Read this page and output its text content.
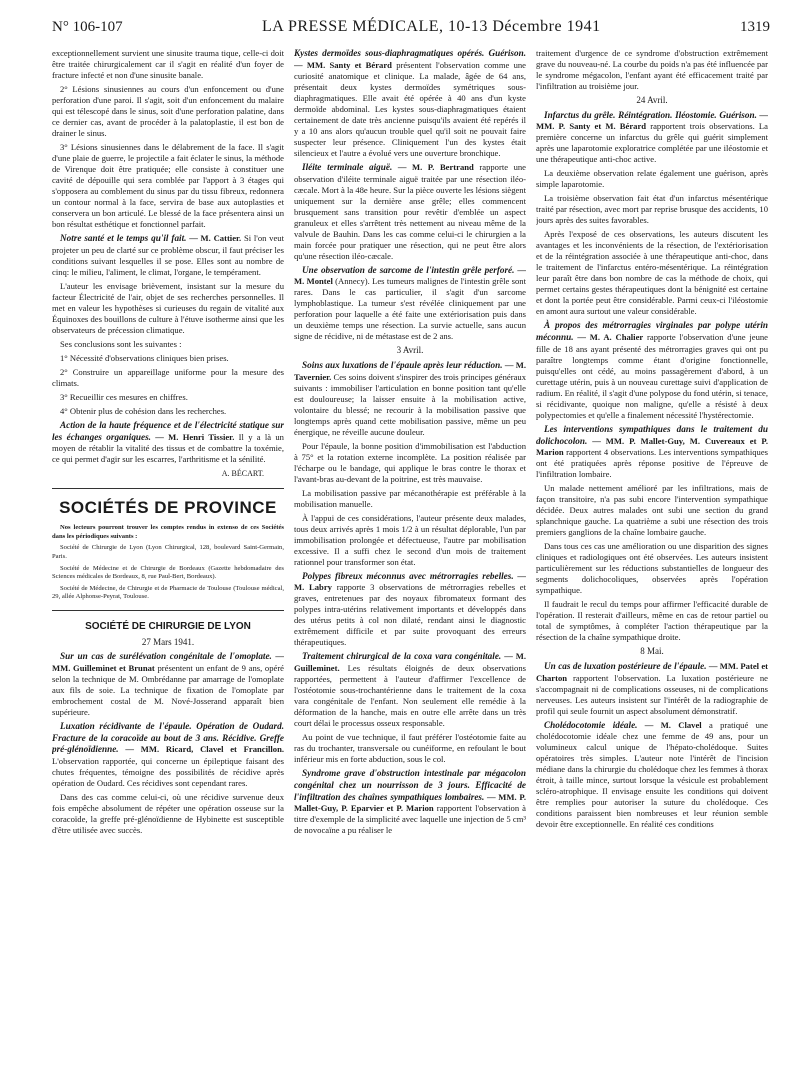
N° 106-107	LA PRESSE MÉDICALE, 10-13 Décembre 1941	1319

exceptionnellement survient une sinusite trauma tique, celle-ci doit être traitée chirurgicalement car il s'agit en réalité d'un foyer de fracture infecté et non d'une sinusite banale.

2° Lésions sinusiennes au cours d'un enfoncement ou d'une perforation d'une paroi. Il s'agit, soit d'un enfoncement du malaire qui est télescopé dans le sinus, soit d'une perforation palatine, dans ce dernier cas, avant de procéder à la palatoplastie, il est bon de drainer le sinus.

3° Lésions sinusiennes dans le délabrement de la face. Il s'agit d'une plaie de guerre, le projectile a fait éclater le sinus, la méthode de Virenque doit être pratiquée; elle consiste à constituer une cavité de dépouille qui sera comblée par l'apport à 3 étages qui s'opposera au comblement du sinus par du tissu fibreux, redonnera un contour normal à la face, servira de base aux autoplasties et conservera un bon articulé. Le blessé de la face présentera ainsi un bon résultat esthétique et fonctionnel parfait.

Notre santé et le temps qu'il fait. — M. Cattier. Si l'on veut projeter un peu de clarté sur ce problème obscur, il faut préciser les conditions suivant lesquelles il se pose. Elles sont au nombre de cinq: le milieu, l'aliment, le climat, l'organe, le tempérament.

L'auteur les envisage brièvement, insistant sur la mesure du facteur Électricité de l'air, objet de ses recherches personnelles. Il met en valeur les hypothèses si curieuses du regain de vitalité aux Équinoxes des bouillons de culture à l'étuve isotherme ainsi que les observateurs de précession climatique.

Ses conclusions sont les suivantes :

1° Nécessité d'observations cliniques bien prises.

2° Construire un appareillage uniforme pour la mesure des climats.

3° Recueillir ces mesures en chiffres.

4° Obtenir plus de cohésion dans les recherches.

Action de la haute fréquence et de l'électricité statique sur les échanges organiques. — M. Henri Tissier. Il y a là un moyen de rétablir la vitalité des tissus et de combattre la toxémie, ce qui permet d'agir sur les escarres, l'arthritisme et la sénilité.

A. BÉCART.

SOCIÉTÉS DE PROVINCE

Nos lecteurs pourront trouver les comptes rendus in extenso de ces Sociétés dans les périodiques suivants :

Société de Chirurgie de Lyon (Lyon Chirurgical, 128, boulevard Saint-Germain, Paris.

Société de Médecine et de Chirurgie de Bordeaux (Gazette hebdomadaire des Sciences médicales de Bordeaux, 8, rue Paul-Bert, Bordeaux).

Société de Médecine, de Chirurgie et de Pharmacie de Toulouse (Toulouse médical, 29, allée Alphonse-Peyrat, Toulouse.

SOCIÉTÉ DE CHIRURGIE DE LYON

27 Mars 1941.

Sur un cas de surélévation congénitale de l'omoplate. — MM. Guilleminet et Brunat présentent un enfant de 9 ans, opéré selon la technique de M. Ombrédanne par amarrage de l'omoplate aux fils de soie. La technique de fixation de l'omoplate par embrochement costal de M. Nové-Josserand apparaît bien supérieure.

Luxation récidivante de l'épaule. Opération de Oudard. Fracture de la coracoïde au bout de 3 ans. Récidive. Greffe pré-glénoïdienne. — MM. Ricard, Clavel et Francillon. L'observation rapportée, qui concerne un épileptique faisant des chutes fréquentes, témoigne des possibilités de récidive après opération de Oudard. Ces récidives sont cependant rares.

Dans des cas comme celui-ci, où une récidive survenue deux fois empêche absolument de répéter une opération osseuse sur la coracoïde, la greffe pré-glénoïdienne de Hybinette est susceptible d'être utilisée avec succès.

Kystes dermoïdes sous-diaphragmatiques opérés. Guérison. — MM. Santy et Bérard présentent l'observation comme une curiosité anatomique et clinique. La malade, âgée de 64 ans, présentait deux kystes dermoïdes symétriques sous-diaphragmatiques. Elle avait été opérée à 40 ans d'un kyste dermoïde abdominal. Les kystes sous-diaphragmatiques étaient certainement de date très ancienne puisqu'ils avaient été repérés il y a 10 ans alors qu'aucun trouble quel qu'il soit ne pouvait faire suspecter leur présence. Cliniquement l'un des kystes était silencieux et l'autre a évolué vers une ouverture bronchique.

Iléite terminale aiguë. — M. P. Bertrand rapporte une observation d'iléite terminale aiguë traitée par une résection iléo-cæcale. Mort à la 48e heure. Sur la pièce ouverte les lésions siègent uniquement sur la dernière anse grêle; elles commencent brusquement sans transition pour revêtir d'emblée un aspect granuleux et elles s'arrêtent très nettement au niveau même de la valvule de Bauhin. Dans les cas comme celui-ci le chirurgien a la main forcée pour pratiquer une résection, qui ne peut être alors qu'une résection iléo-cæcale.

Une observation de sarcome de l'intestin grêle perforé. — M. Montel (Annecy). Les tumeurs malignes de l'intestin grêle sont rares. Dans le cas particulier, il s'agit d'un sarcome lymphoblastique. La tumeur s'est révélée cliniquement par une perforation pour laquelle a été faite une extériorisation puis dans un deuxième temps une résection. La survie actuelle, sans aucun signe de récidive, ni de métastase est de 2 ans.

3 Avril.

Soins aux luxations de l'épaule après leur réduction. — M. Tavernier. Ces soins doivent s'inspirer des trois principes généraux suivants : immobiliser l'articulation en bonne position tant qu'elle est douloureuse; la laisser ensuite à la mobilisation active, volontaire du blessé; ne recourir à la mobilisation passive que longtemps après quand cette mobilisation passive, même un peu énergique, ne réveille aucune douleur.

Pour l'épaule, la bonne position d'immobilisation est l'abduction à 75° et la rotation externe incomplète. La position réalisée par l'écharpe ou le bandage, qui applique le bras contre le thorax et l'avant-bras au-devant de la poitrine, est très mauvaise.

La mobilisation passive par mécanothérapie est préférable à la mobilisation manuelle.

À l'appui de ces considérations, l'auteur présente deux malades, tous deux arrivés après 1 mois 1/2 à un résultat déplorable, l'un par immobilisation prolongée et défectueuse, l'autre par mobilisation excessive. Il a suffi chez le second d'un mois de traitement rationnel pour transformer son état.

Polypes fibreux méconnus avec métrorragies rebelles. — M. Labry rapporte 3 observations de métrorragies rebelles et graves, entretenues par des noyaux fibromateux formant des polypes intra-utérins relativement importants et développés dans des utérus petits à col non dilaté, rendant ainsi le diagnostic extrêmement difficile et par suite provoquant des erreurs thérapeutiques.

Traitement chirurgical de la coxa vara congénitale. — M. Guilleminet. Les résultats éloignés de deux observations rapportées, permettent à l'auteur d'affirmer l'excellence de l'ostéotomie sous-trochantérienne dans le traitement de la coxa vara congénitale de l'enfant. Non seulement elle remédie à la déformation de la hanche, mais en outre elle arrête dans un très court délai le processus osseux responsable.

Au point de vue technique, il faut préférer l'ostéotomie faite au ras du trochanter, transversale ou cunéiforme, en refoulant le bout inférieur mis en forte abduction, sous le col.

Syndrome grave d'obstruction intestinale par mégacolon congénital chez un nourrisson de 3 jours. Efficacité de l'infiltration des chaînes sympathiques lombaires. — MM. P. Mallet-Guy, P. Eparvier et P. Marion rapportent l'observation à titre d'exemple de la simplicité avec laquelle une injection de 5 cm³ de novocaïne a pu réaliser le

traitement d'urgence de ce syndrome d'obstruction extrêmement grave du nouveau-né. La courbe du poids n'a pas été influencée par le syndrome mégacolon, l'enfant ayant été efficacement traité par l'infiltration au troisième jour.

24 Avril.

Infarctus du grêle. Réintégration. Iléostomie. Guérison. — MM. P. Santy et M. Bérard rapportent trois observations. La première concerne un infarctus du grêle qui guérit simplement après une laparotomie exploratrice complétée par une iléostomie et une thérapeutique anti-choc active.

La deuxième observation relate également une guérison, après simple laparotomie.

La troisième observation fait état d'un infarctus mésentérique traité par résection, avec mort par reprise brusque des accidents, 10 jours après des suites favorables.

Après l'exposé de ces observations, les auteurs discutent les avantages et les inconvénients de la résection, de l'extériorisation et de la réintégration associée à une thérapeutique anti-choc, dans le traitement de l'infarctus entéro-mésentérique. La réintégration leur paraît être dans bon nombre de cas la méthode de choix, qui permet certains gestes thérapeutiques dont la bénignité est certaine et dont la portée peut être considérable. Parmi ceux-ci l'iléostomie en amont aura surtout une valeur considérable.

À propos des métrorragies virginales par polype utérin méconnu. — M. A. Chalier rapporte l'observation d'une jeune fille de 18 ans ayant présenté des métrorragies graves qui ont pu paraître longtemps comme étant d'origine fonctionnelle, puisqu'elles ont cédé, au moins passagèrement d'abord, à un curettage utérin, puis à un nouveau curettage suivi d'application de radium. En réalité, il s'agit d'une polypose du fond utérin, si tenace, si récidivante, quoique non maligne, qu'elle a résisté à deux polypectomies et qu'elle a finalement nécessité l'hystérectomie.

Les interventions sympathiques dans le traitement du dolichocolon. — MM. P. Mallet-Guy, M. Cuvereaux et P. Marion rapportent 4 observations. Les interventions sympathiques ont été pratiquées après réponse positive de l'épreuve de l'infiltration lombaire.

Un malade nettement amélioré par les infiltrations, mais de façon transitoire, n'a pas subi encore l'intervention sympathique décidée. Deux autres malades ont subi une section du grand splanchnique gauche. La quatrième a subi une résection des trois premiers ganglions de la chaîne lombaire gauche.

Dans tous ces cas une amélioration ou une disparition des signes cliniques et radiologiques ont été observées. Les auteurs insistent particulièrement sur les réductions substantielles de longueur des segments dolichocoliques, observées après l'opération sympathique.

Il faudrait le recul du temps pour affirmer l'efficacité durable de l'opération. Il resterait d'ailleurs, même en cas de retour partiel ou total de symptômes, à compléter l'action thérapeutique par la résection de la chaîne sympathique droite.

8 Mai.

Un cas de luxation postérieure de l'épaule. — MM. Patel et Charton rapportent l'observation. La luxation postérieure ne s'accompagnait ni de complications osseuses, ni de complications nerveuses. Les auteurs insistent sur l'intérêt de la radiographie de profil qui seule fournit un aspect absolument démonstratif.

Cholédocotomie idéale. — M. Clavel a pratiqué une cholédocotomie idéale chez une femme de 49 ans, pour un volumineux calcul unique de l'hépato-cholédoque. Suites opératoires très simples. L'auteur note l'intérêt de l'incision médiane dans la chirurgie du cholédoque chez les femmes à thorax étroit, à taille mince, surtout lorsque la vésicule est probablement scléro-atrophique. Il envisage ensuite les conditions qui doivent être remplies pour autoriser la suture du cholédoque. Ces conditions paraissent bien nombreuses et leur réunion semble devoir être exceptionnelle. En réalité ces conditions
